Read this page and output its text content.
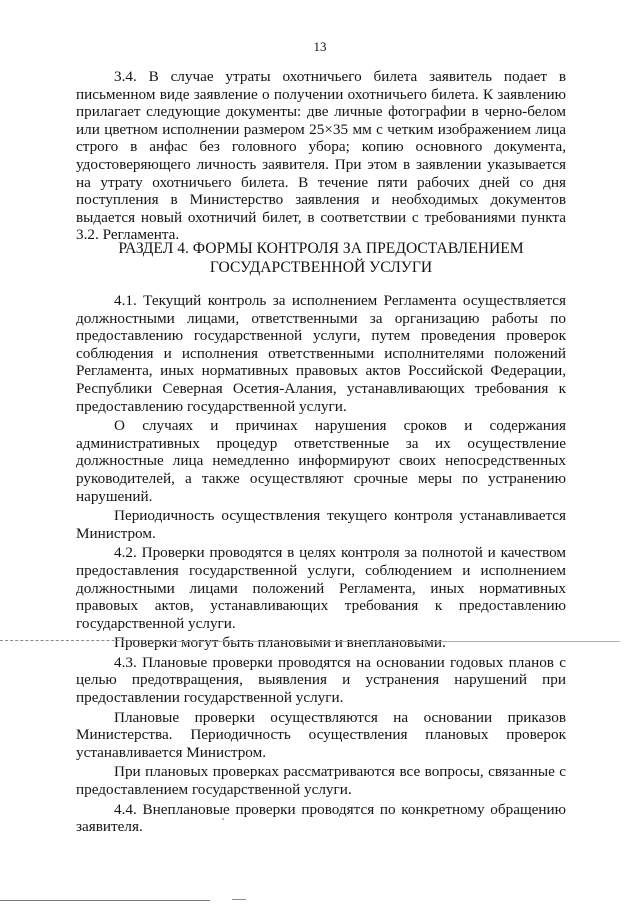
13

3.4. В случае утраты охотничьего билета заявитель подает в письменном виде заявление о получении охотничьего билета. К заявлению прилагает следующие документы: две личные фотографии в черно-белом или цветном исполнении размером 25×35 мм с четким изображением лица строго в анфас без головного убора; копию основного документа, удостоверяющего личность заявителя. При этом в заявлении указывается на утрату охотничьего билета. В течение пяти рабочих дней со дня поступления в Министерство заявления и необходимых документов выдается новый охотничий билет, в соответствии с требованиями пункта 3.2. Регламента.

РАЗДЕЛ 4. ФОРМЫ КОНТРОЛЯ ЗА ПРЕДОСТАВЛЕНИЕМ
ГОСУДАРСТВЕННОЙ УСЛУГИ

4.1. Текущий контроль за исполнением Регламента осуществляется должностными лицами, ответственными за организацию работы по предоставлению государственной услуги, путем проведения проверок соблюдения и исполнения ответственными исполнителями положений Регламента, иных нормативных правовых актов Российской Федерации, Республики Северная Осетия-Алания, устанавливающих требования к предоставлению государственной услуги.

О случаях и причинах нарушения сроков и содержания административных процедур ответственные за их осуществление должностные лица немедленно информируют своих непосредственных руководителей, а также осуществляют срочные меры по устранению нарушений.

Периодичность осуществления текущего контроля устанавливается Министром.

4.2. Проверки проводятся в целях контроля за полнотой и качеством предоставления государственной услуги, соблюдением и исполнением должностными лицами положений Регламента, иных нормативных правовых актов, устанавливающих требования к предоставлению государственной услуги.

Проверки могут быть плановыми и внеплановыми.

4.3. Плановые проверки проводятся на основании годовых планов с целью предотвращения, выявления и устранения нарушений при предоставлении государственной услуги.

Плановые проверки осуществляются на основании приказов Министерства. Периодичность осуществления плановых проверок устанавливается Министром.

При плановых проверках рассматриваются все вопросы, связанные с предоставлением государственной услуги.

4.4. Внеплановые проверки проводятся по конкретному обращению заявителя.
